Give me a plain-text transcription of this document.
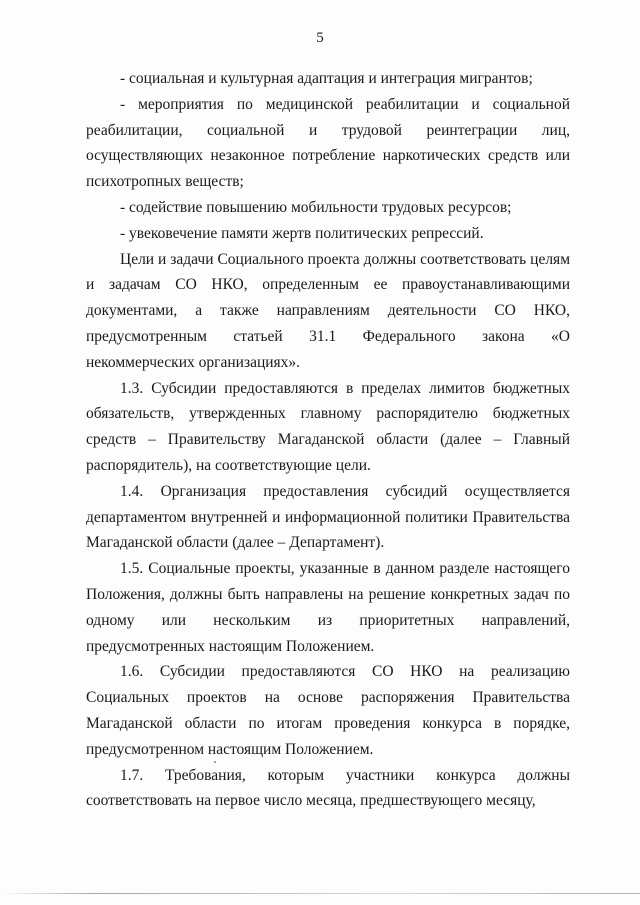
5

- социальная и культурная адаптация и интеграция мигрантов;

- мероприятия по медицинской реабилитации и социальной реабилитации, социальной и трудовой реинтеграции лиц, осуществляющих незаконное потребление наркотических средств или психотропных веществ;

- содействие повышению мобильности трудовых ресурсов;

- увековечение памяти жертв политических репрессий.

Цели и задачи Социального проекта должны соответствовать целям и задачам СО НКО, определенным ее правоустанавливающими документами, а также направлениям деятельности СО НКО, предусмотренным статьей 31.1 Федерального закона «О некоммерческих организациях».

1.3. Субсидии предоставляются в пределах лимитов бюджетных обязательств, утвержденных главному распорядителю бюджетных средств – Правительству Магаданской области (далее – Главный распорядитель), на соответствующие цели.

1.4. Организация предоставления субсидий осуществляется департаментом внутренней и информационной политики Правительства Магаданской области (далее – Департамент).

1.5. Социальные проекты, указанные в данном разделе настоящего Положения, должны быть направлены на решение конкретных задач по одному или нескольким из приоритетных направлений, предусмотренных настоящим Положением.

1.6. Субсидии предоставляются СО НКО на реализацию Социальных проектов на основе распоряжения Правительства Магаданской области по итогам проведения конкурса в порядке, предусмотренном настоящим Положением.

1.7. Требования, которым участники конкурса должны соответствовать на первое число месяца, предшествующего месяцу,
